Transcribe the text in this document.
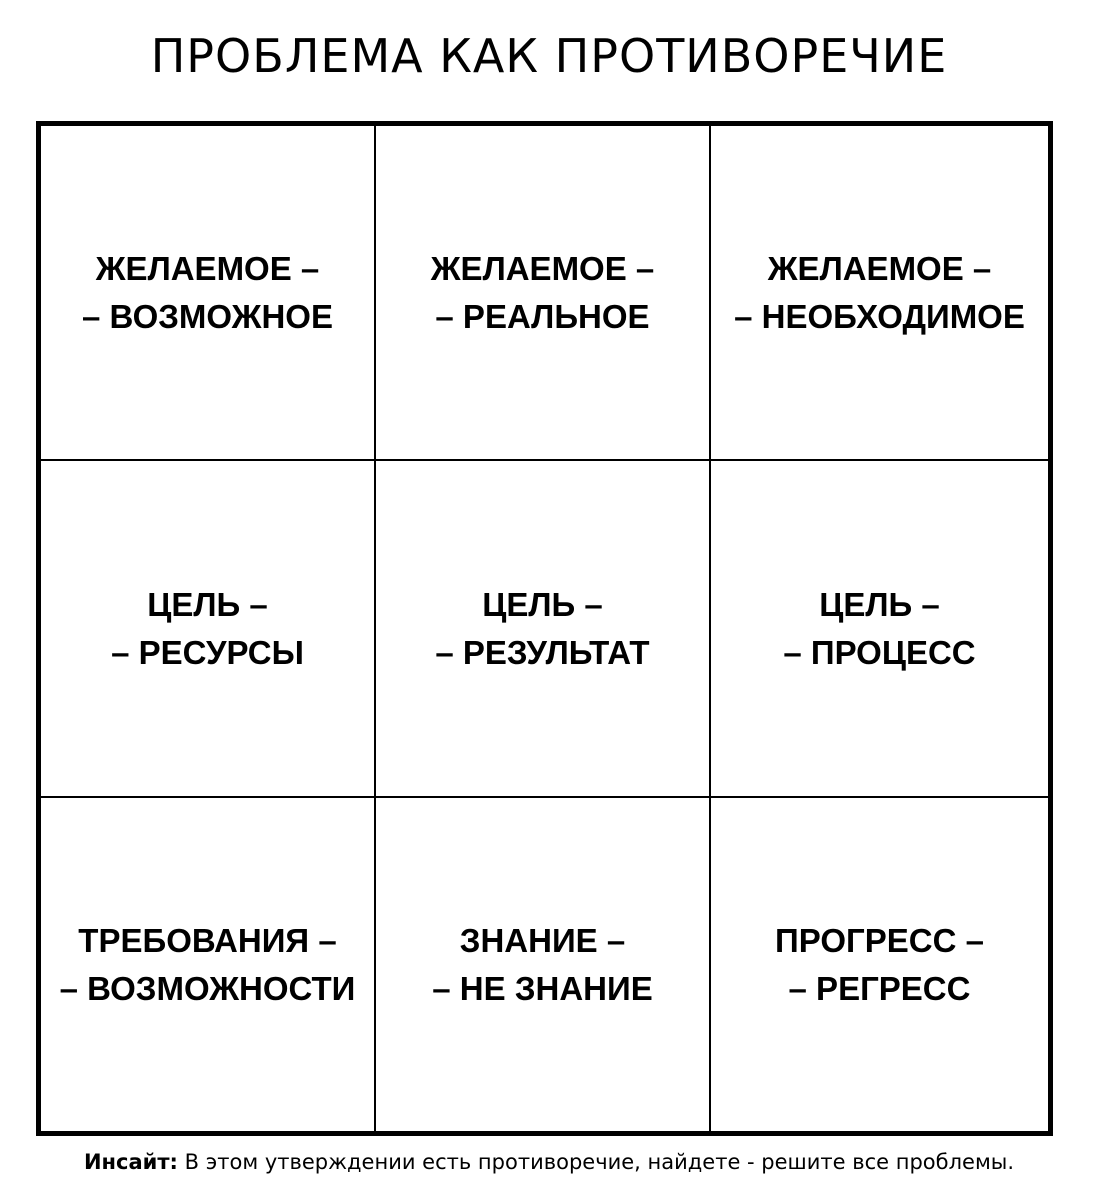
ПРОБЛЕМА КАК ПРОТИВОРЕЧИЕ
ЖЕЛАЕМОЕ –
– ВОЗМОЖНОЕ
ЖЕЛАЕМОЕ –
– РЕАЛЬНОЕ
ЖЕЛАЕМОЕ –
– НЕОБХОДИМОЕ
ЦЕЛЬ –
– РЕСУРСЫ
ЦЕЛЬ –
– РЕЗУЛЬТАТ
ЦЕЛЬ –
– ПРОЦЕСС
ТРЕБОВАНИЯ –
– ВОЗМОЖНОСТИ
ЗНАНИЕ –
– НЕ ЗНАНИЕ
ПРОГРЕСС –
– РЕГРЕСС
Инсайт: В этом утверждении есть противоречие, найдете - решите все проблемы.
